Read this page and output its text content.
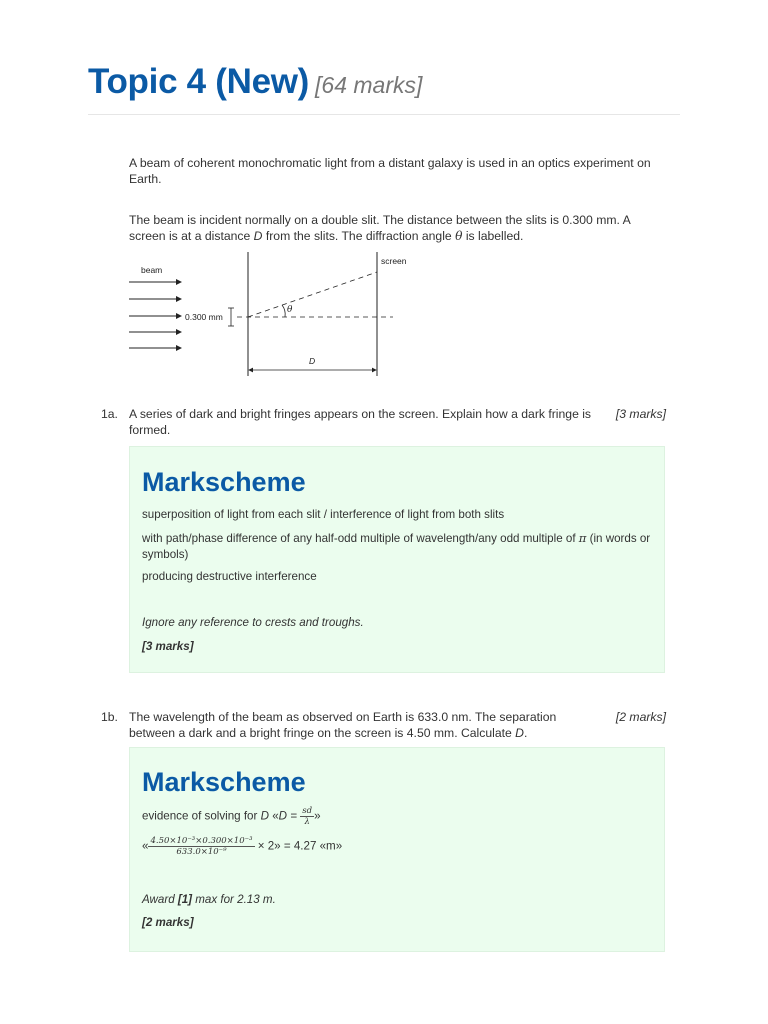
Topic 4 (New) [64 marks]

A beam of coherent monochromatic light from a distant galaxy is used in an optics experiment on Earth.

The beam is incident normally on a double slit. The distance between the slits is 0.300 mm. A screen is at a distance D from the slits. The diffraction angle θ is labelled.

beam
0.300 mm
screen
θ
D
1a. A series of dark and bright fringes appears on the screen. Explain how a dark fringe is formed.
[3 marks]
Markscheme
superposition of light from each slit / interference of light from both slits
with path/phase difference of any half-odd multiple of wavelength/any odd multiple of π (in words or symbols)
producing destructive interference
Ignore any reference to crests and troughs.
[3 marks]
1b. The wavelength of the beam as observed on Earth is 633.0 nm. The separation between a dark and a bright fringe on the screen is 4.50 mm. Calculate D.
[2 marks]
Markscheme
evidence of solving for D «$D = \frac{sd}{\lambda}$ »
« $\frac{\text{4.50×10⁻³×0.300×10⁻³}}{\text{633.0×10⁻⁹}} \times 2$» = 4.27 «m»
Award [1] max for 2.13 m.
[2 marks]
